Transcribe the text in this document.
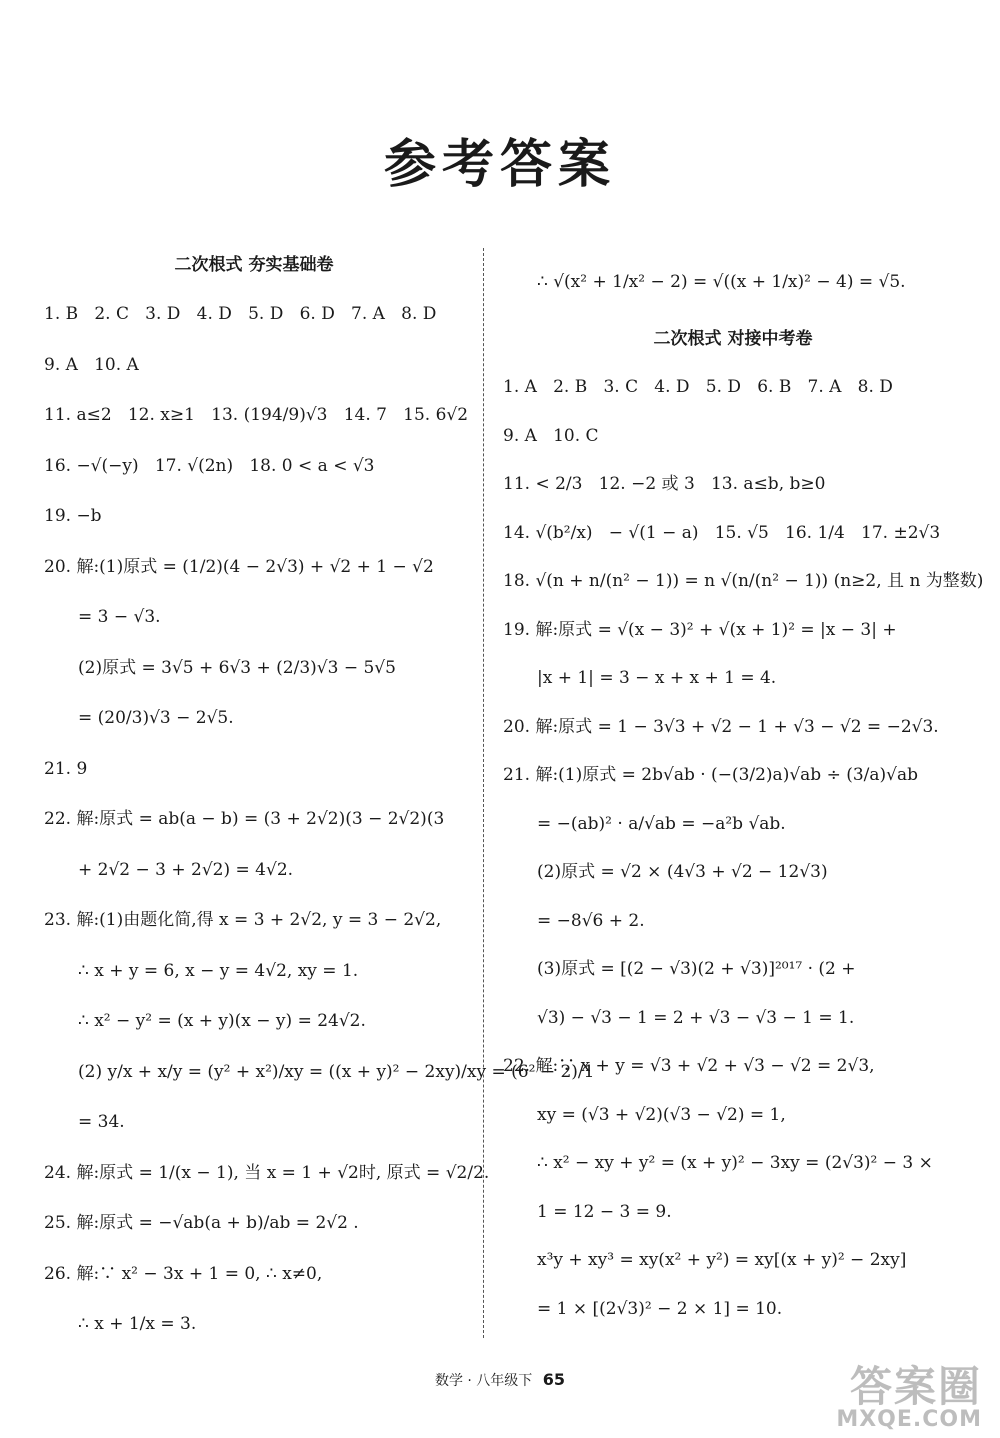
参考答案
二次根式 夯实基础卷
1. B   2. C   3. D   4. D   5. D   6. D   7. A   8. D
9. A   10. A
11. a≤2   12. x≥1   13. (194/9)√3   14. 7   15. 6√2
16. −√(−y)   17. √(2n)   18. 0 < a < √3
19. −b
20. 解:(1)原式 = (1/2)(4 − 2√3) + √2 + 1 − √2
= 3 − √3.
(2)原式 = 3√5 + 6√3 + (2/3)√3 − 5√5
= (20/3)√3 − 2√5.
21. 9
22. 解:原式 = ab(a − b) = (3 + 2√2)(3 − 2√2)(3
+ 2√2 − 3 + 2√2) = 4√2.
23. 解:(1)由题化简,得 x = 3 + 2√2, y = 3 − 2√2,
∴ x + y = 6, x − y = 4√2, xy = 1.
∴ x² − y² = (x + y)(x − y) = 24√2.
(2) y/x + x/y = (y² + x²)/xy = ((x + y)² − 2xy)/xy = (6² − 2)/1
= 34.
24. 解:原式 = 1/(x − 1), 当 x = 1 + √2时, 原式 = √2/2.
25. 解:原式 = −√ab(a + b)/ab = 2√2 .
26. 解:∵ x² − 3x + 1 = 0, ∴ x≠0,
∴ x + 1/x = 3.
∴ √(x² + 1/x² − 2) = √((x + 1/x)² − 4) = √5.
二次根式 对接中考卷
1. A   2. B   3. C   4. D   5. D   6. B   7. A   8. D
9. A   10. C
11. < 2/3   12. −2 或 3   13. a≤b, b≥0
14. √(b²/x)   − √(1 − a)   15. √5   16. 1/4   17. ±2√3
18. √(n + n/(n² − 1)) = n √(n/(n² − 1)) (n≥2, 且 n 为整数)
19. 解:原式 = √(x − 3)² + √(x + 1)² = |x − 3| +
|x + 1| = 3 − x + x + 1 = 4.
20. 解:原式 = 1 − 3√3 + √2 − 1 + √3 − √2 = −2√3.
21. 解:(1)原式 = 2b√ab · (−(3/2)a)√ab ÷ (3/a)√ab
= −(ab)² · a/√ab = −a²b √ab.
(2)原式 = √2 × (4√3 + √2 − 12√3)
= −8√6 + 2.
(3)原式 = [(2 − √3)(2 + √3)]²⁰¹⁷ · (2 +
√3) − √3 − 1 = 2 + √3 − √3 − 1 = 1.
22. 解:∵ x + y = √3 + √2 + √3 − √2 = 2√3,
xy = (√3 + √2)(√3 − √2) = 1,
∴ x² − xy + y² = (x + y)² − 3xy = (2√3)² − 3 ×
1 = 12 − 3 = 9.
x³y + xy³ = xy(x² + y²) = xy[(x + y)² − 2xy]
= 1 × [(2√3)² − 2 × 1] = 10.
数学 · 八年级下 65	答案圈
MXQE.COM
